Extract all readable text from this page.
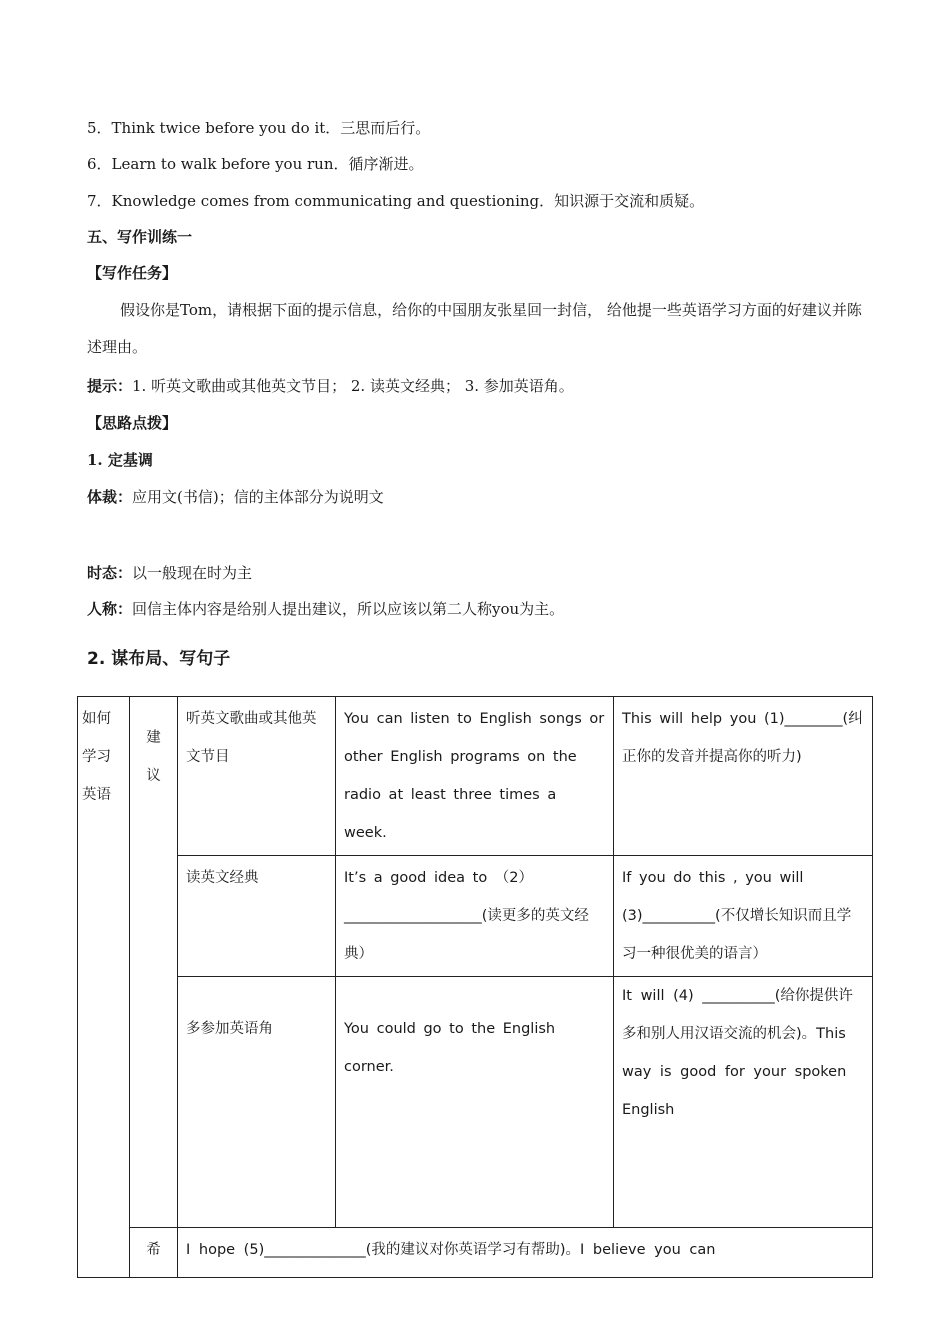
5．Think twice before you do it．三思而后行。
6．Learn to walk before you run．循序渐进。
7．Knowledge comes from communicating and questioning．知识源于交流和质疑。
五、写作训练一
【写作任务】
假设你是Tom，请根据下面的提示信息，给你的中国朋友张星回一封信， 给他提一些英语学习方面的好建议并陈述理由。
提示：1. 听英文歌曲或其他英文节目； 2. 读英文经典； 3. 参加英语角。
【思路点拨】
1. 定基调
体裁：应用文(书信)；信的主体部分为说明文
时态：以一般现在时为主
人称：回信主体内容是给别人提出建议，所以应该以第二人称you为主。
2. 谋布局、写句子
如何学习英语	建议	听英文歌曲或其他英文节目	You can listen to English songs or other English programs on the radio at least three times a week.	This will help you (1)________(纠正你的发音并提高你的听力)
		读英文经典	It’s a good idea to （2）___________________(读更多的英文经典）	If you do this , you will (3)__________(不仅增长知识而且学习一种很优美的语言）
		多参加英语角	You could go to the English corner.	It will (4) __________(给你提供许多和别人用汉语交流的机会)。This way is good for your spoken English
	希	I hope (5)______________(我的建议对你英语学习有帮助)。I believe you can		
